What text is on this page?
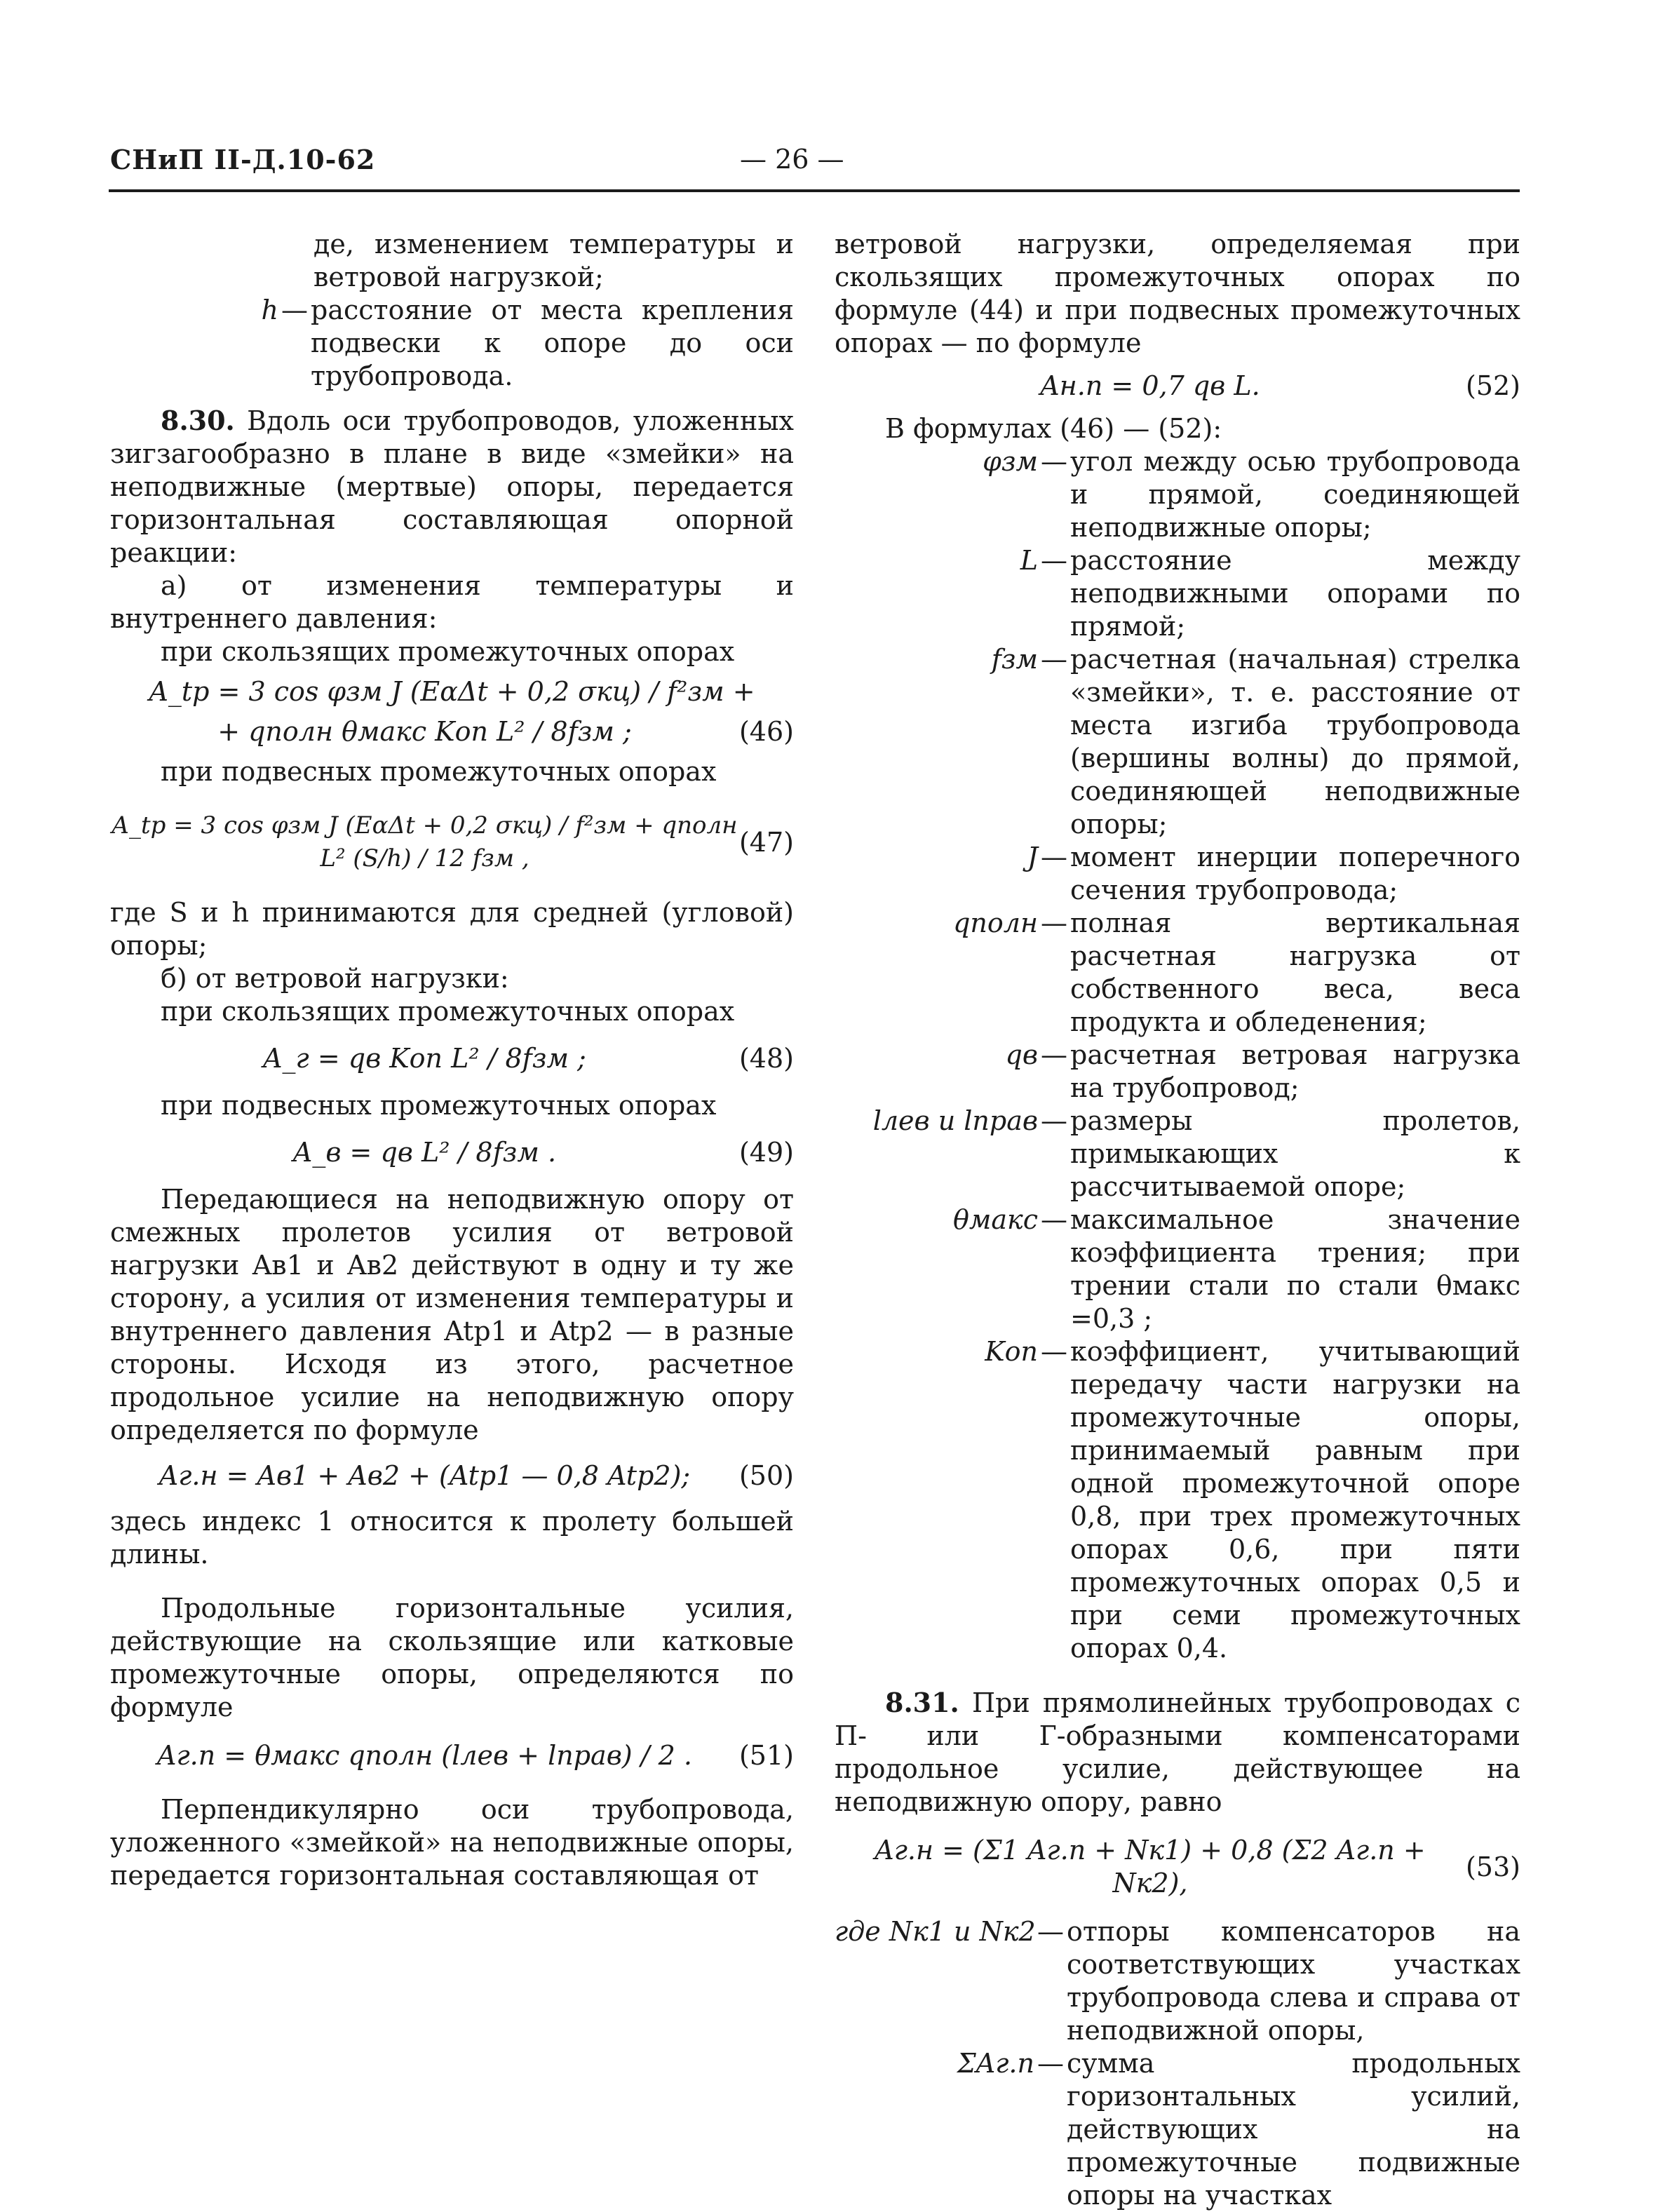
СНиП II-Д.10-62	— 26 —

де, изменением температуры и ветровой нагрузкой;

h — расстояние от места крепления подвески к опоре до оси трубопровода.

8.30. Вдоль оси трубопроводов, уложенных зигзагообразно в плане в виде «змейки» на неподвижные (мертвые) опоры, передается горизонтальная составляющая опорной реакции:

а) от изменения температуры и внутреннего давления:

при скользящих промежуточных опорах

A_tp = 3 cos φзм J (EαΔt + 0,2 σкц) / f²зм +
+ qполн θмакс Kоп L² / 8fзм ;	(46)

при подвесных промежуточных опорах

A_tp = 3 cos φзм J (EαΔt + 0,2 σкц) / f²зм + qполн L² (S/h) / 12 fзм ,
(47)

где S и h принимаются для средней (угловой) опоры;

б) от ветровой нагрузки:

при скользящих промежуточных опорах

A_г = qв Kоп L² / 8fзм ;	(48)

при подвесных промежуточных опорах

A_в = qв L² / 8fзм .	(49)

Передающиеся на неподвижную опору от смежных пролетов усилия от ветровой нагрузки Aв1 и Aв2 действуют в одну и ту же сторону, а усилия от изменения температуры и внутреннего давления Atp1 и Atp2 — в разные стороны. Исходя из этого, расчетное продольное усилие на неподвижную опору определяется по формуле

Aг.н = Aв1 + Aв2 + (Atp1 — 0,8 Atp2);	(50)

здесь индекс 1 относится к пролету большей длины.

Продольные горизонтальные усилия, действующие на скользящие или катковые промежуточные опоры, определяются по формуле

Aг.п = θмакс qполн (lлев + lправ) / 2 .	(51)

Перпендикулярно оси трубопровода, уложенного «змейкой» на неподвижные опоры, передается горизонтальная составляющая от

ветровой нагрузки, определяемая при скользящих промежуточных опорах по формуле (44) и при подвесных промежуточных опорах — по формуле

Aн.п = 0,7 qв L.	(52)

В формулах (46) — (52):

φзм — угол между осью трубопровода и прямой, соединяющей неподвижные опоры;
L — расстояние между неподвижными опорами по прямой;
fзм — расчетная (начальная) стрелка «змейки», т. е. расстояние от места изгиба трубопровода (вершины волны) до прямой, соединяющей неподвижные опоры;
J — момент инерции поперечного сечения трубопровода;
qполн — полная вертикальная расчетная нагрузка от собственного веса, веса продукта и обледенения;
qв — расчетная ветровая нагрузка на трубопровод;
lлев и lправ — размеры пролетов, примыкающих к рассчитываемой опоре;
θмакс — максимальное значение коэффициента трения; при трении стали по стали θмакс =0,3 ;
Kоп — коэффициент, учитывающий передачу части нагрузки на промежуточные опоры, принимаемый равным при одной промежуточной опоре 0,8, при трех промежуточных опорах 0,6, при пяти промежуточных опорах 0,5 и при семи промежуточных опорах 0,4.

8.31. При прямолинейных трубопроводах с П- или Г-образными компенсаторами продольное усилие, действующее на неподвижную опору, равно

Aг.н = (Σ1 Aг.п + Nк1) + 0,8 (Σ2 Aг.п + Nк2),
(53)
где Nк1 и Nк2 — отпоры компенсаторов на соответствующих участках трубопровода слева и справа от неподвижной опоры,
ΣAг.п — сумма продольных горизонтальных усилий, действующих на промежуточные подвижные опоры на участках
